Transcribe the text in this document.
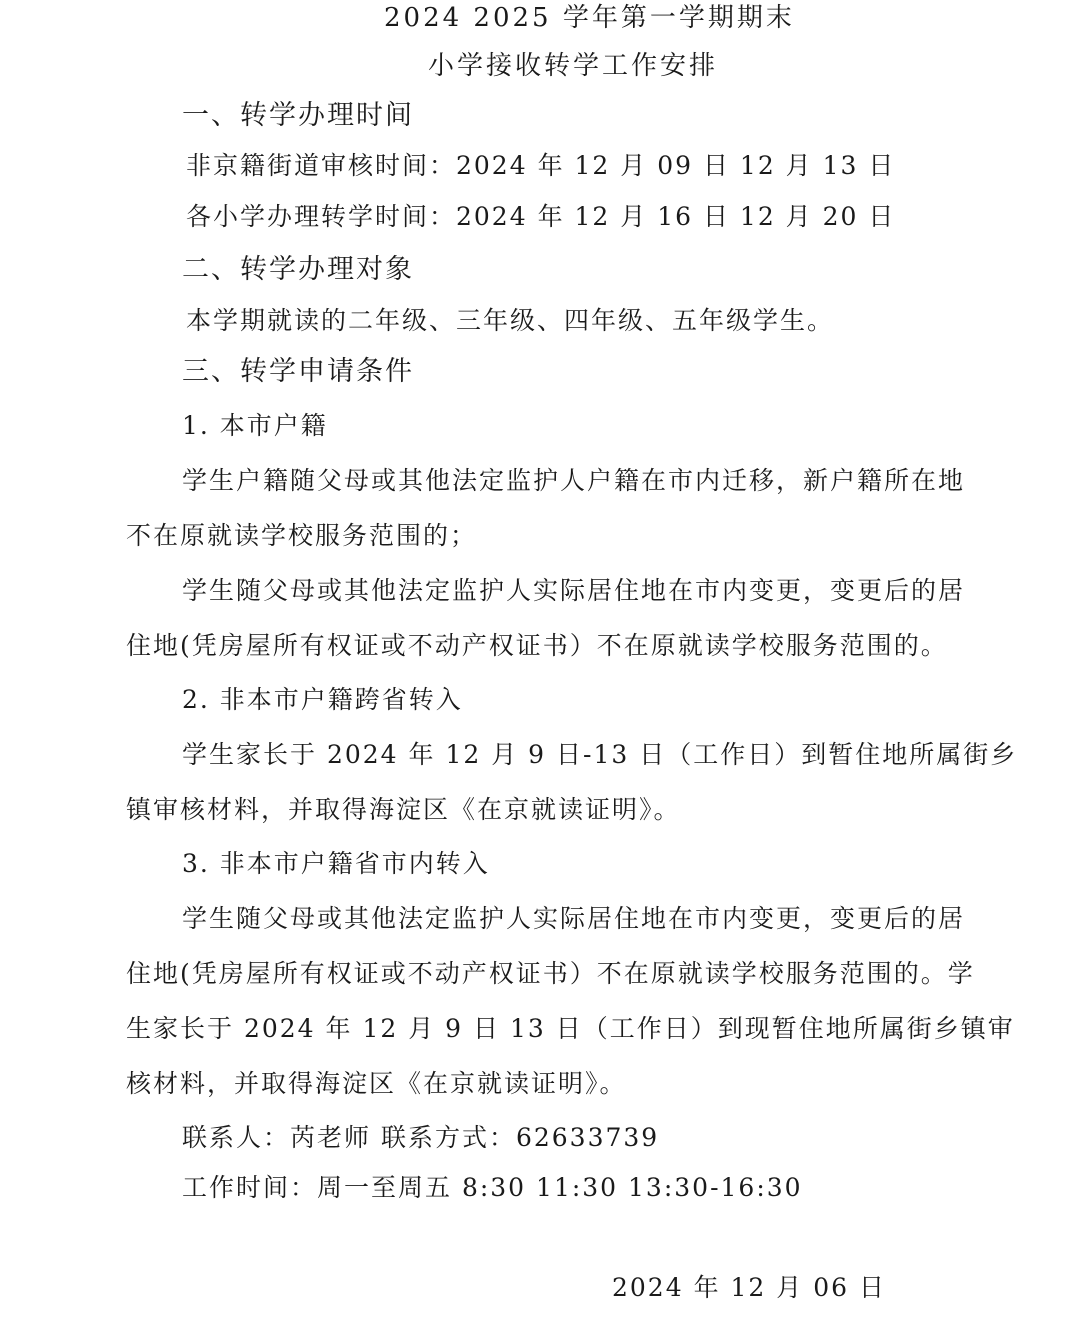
2024 2025 学年第一学期期末
小学接收转学工作安排
一、转学办理时间
非京籍街道审核时间：2024 年 12 月 09 日 12 月 13 日
各小学办理转学时间：2024 年 12 月 16 日 12 月 20 日
二、转学办理对象
本学期就读的二年级、三年级、四年级、五年级学生。
三、转学申请条件
1. 本市户籍
学生户籍随父母或其他法定监护人户籍在市内迁移，新户籍所在地
不在原就读学校服务范围的；
学生随父母或其他法定监护人实际居住地在市内变更，变更后的居
住地(凭房屋所有权证或不动产权证书）不在原就读学校服务范围的。
2. 非本市户籍跨省转入
学生家长于 2024 年 12 月 9 日-13 日（工作日）到暂住地所属街乡
镇审核材料，并取得海淀区《在京就读证明》。
3. 非本市户籍省市内转入
学生随父母或其他法定监护人实际居住地在市内变更，变更后的居
住地(凭房屋所有权证或不动产权证书）不在原就读学校服务范围的。学
生家长于 2024 年 12 月 9 日 13 日（工作日）到现暂住地所属街乡镇审
核材料，并取得海淀区《在京就读证明》。
联系人：芮老师 联系方式：62633739
工作时间：周一至周五 8:30 11:30 13:30-16:30
2024 年 12 月 06 日
